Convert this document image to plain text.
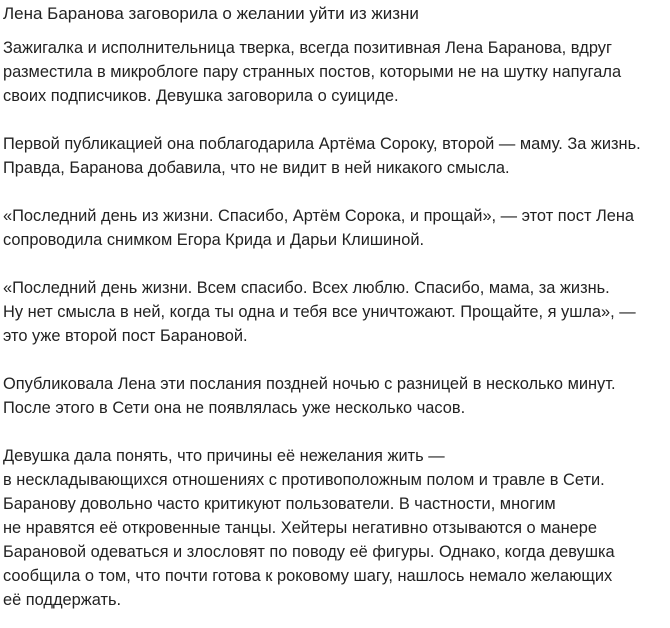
Лена Баранова заговорила о желании уйти из жизни

Зажигалка и исполнительница тверка, всегда позитивная Лена Баранова, вдруг
разместила в микроблоге пару странных постов, которыми не на шутку напугала
своих подписчиков. Девушка заговорила о суициде.

Первой публикацией она поблагодарила Артёма Сороку, второй — маму. За жизнь.
Правда, Баранова добавила, что не видит в ней никакого смысла.

«Последний день из жизни. Спасибо, Артём Сорока, и прощай», — этот пост Лена
сопроводила снимком Егора Крида и Дарьи Клишиной.

«Последний день жизни. Всем спасибо. Всех люблю. Спасибо, мама, за жизнь.
Ну нет смысла в ней, когда ты одна и тебя все уничтожают. Прощайте, я ушла», —
это уже второй пост Барановой.

Опубликовала Лена эти послания поздней ночью с разницей в несколько минут.
После этого в Сети она не появлялась уже несколько часов.

Девушка дала понять, что причины её нежелания жить —
в нескладывающихся отношениях с противоположным полом и травле в Сети.
Баранову довольно часто критикуют пользователи. В частности, многим
не нравятся её откровенные танцы. Хейтеры негативно отзываются о манере
Барановой одеваться и злословят по поводу её фигуры. Однако, когда девушка
сообщила о том, что почти готова к роковому шагу, нашлось немало желающих
её поддержать.
